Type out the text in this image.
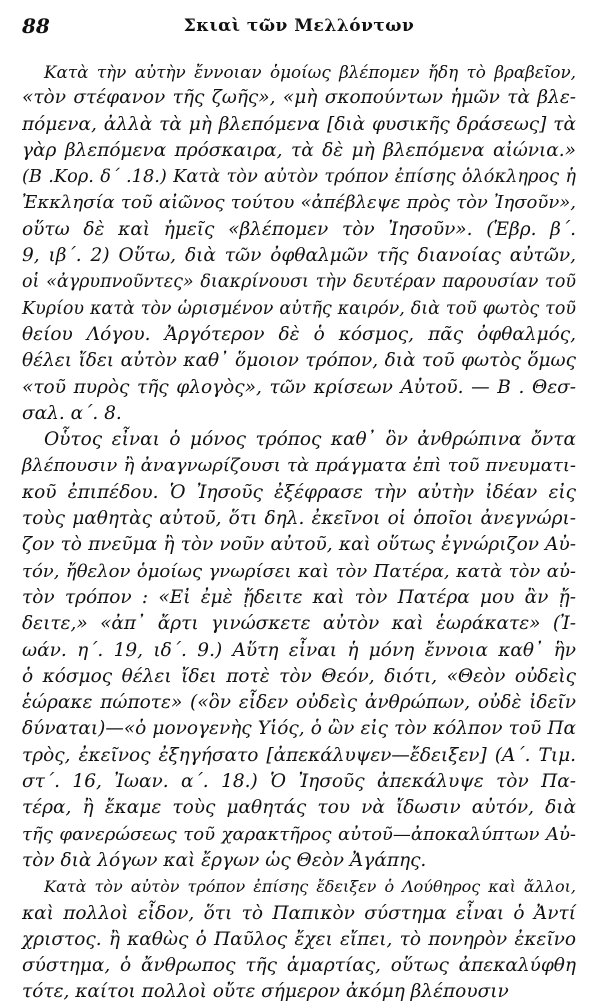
88	Σκιαὶ τῶν Μελλόντων
Κατὰ τὴν αὐτὴν ἔννοιαν ὁμοίως βλέπομεν ἤδη τὸ βραβεῖον,
«τὸν στέφανον τῆς ζωῆς», «μὴ σκοπούντων ἡμῶν τὰ βλε-
πόμενα, ἀλλὰ τὰ μὴ βλεπόμενα [διὰ φυσικῆς δράσεως] τὰ
γὰρ βλεπόμενα πρόσκαιρα, τὰ δὲ μὴ βλεπόμενα αἰώνια.»
(Β .Κορ. δ΄ .18.) Κατὰ τὸν αὐτὸν τρόπον ἐπίσης ὁλόκληρος ἡ
Ἐκκλησία τοῦ αἰῶνος τούτου «ἀπέβλεψε πρὸς τὸν Ἰησοῦν»,
οὕτω δὲ καὶ ἡμεῖς «βλέπομεν τὸν Ἰησοῦν». (Ἑβρ. β΄.
9, ιβ΄. 2) Οὕτω, διὰ τῶν ὀφθαλμῶν τῆς διανοίας αὐτῶν,
οἱ «ἀγρυπνοῦντες» διακρίνουσι τὴν δευτέραν παρουσίαν τοῦ
Κυρίου κατὰ τὸν ὡρισμένον αὐτῆς καιρόν, διὰ τοῦ φωτὸς τοῦ
θείου Λόγου. Ἀργότερον δὲ ὁ κόσμος, πᾶς ὀφθαλμός,
θέλει ἴδει αὐτὸν καθ᾿ ὅμοιον τρόπον, διὰ τοῦ φωτὸς ὅμως
«τοῦ πυρὸς τῆς φλογὸς», τῶν κρίσεων Αὐτοῦ. — Β . Θεσ-
σαλ. α΄. 8.
Οὗτος εἶναι ὁ μόνος τρόπος καθ᾿ ὃν ἀνθρώπινα ὄντα
βλέπουσιν ἢ ἀναγνωρίζουσι τὰ πράγματα ἐπὶ τοῦ πνευματι-
κοῦ ἐπιπέδου. Ὁ Ἰησοῦς ἐξέφρασε τὴν αὐτὴν ἰδέαν εἰς
τοὺς μαθητὰς αὐτοῦ, ὅτι δηλ. ἐκεῖνοι οἱ ὁποῖοι ἀνεγνώρι-
ζον τὸ πνεῦμα ἢ τὸν νοῦν αὐτοῦ, καὶ οὕτως ἐγνώριζον Αὐ-
τόν, ἤθελον ὁμοίως γνωρίσει καὶ τὸν Πατέρα, κατὰ τὸν αὐ-
τὸν τρόπον : «Εἰ ἐμὲ ᾔδειτε καὶ τὸν Πατέρα μου ἂν ᾔ-
δειτε,» «ἀπ᾿ ἄρτι γινώσκετε αὐτὸν καὶ ἑωράκατε» (Ἰ-
ωάν. η΄. 19, ιδ΄. 9.) Αὕτη εἶναι ἡ μόνη ἔννοια καθ᾿ ἣν
ὁ κόσμος θέλει ἴδει ποτὲ τὸν Θεόν, διότι, «Θεὸν οὐδεὶς
ἑώρακε πώποτε» («ὃν εἶδεν οὐδεὶς ἀνθρώπων, οὐδὲ ἰδεῖν
δύναται)—«ὁ μονογενὴς Υἱός, ὁ ὢν εἰς τὸν κόλπον τοῦ Πα
τρὸς, ἐκεῖνος ἐξηγήσατο [ἀπεκάλυψεν—ἔδειξεν] (Α΄. Τιμ.
στ΄. 16, Ἰωαν. α΄. 18.) Ὁ Ἰησοῦς ἀπεκάλυψε τὸν Πα-
τέρα, ἢ ἔκαμε τοὺς μαθητάς του νὰ ἴδωσιν αὐτόν, διὰ
τῆς φανερώσεως τοῦ χαρακτῆρος αὐτοῦ—ἀποκαλύπτων Αὐ-
τὸν διὰ λόγων καὶ ἔργων ὡς Θεὸν Ἀγάπης.
Κατὰ τὸν αὐτὸν τρόπον ἐπίσης ἔδειξεν ὁ Λούθηρος καὶ ἄλλοι,
καὶ πολλοὶ εἶδον, ὅτι τὸ Παπικὸν σύστημα εἶναι ὁ Ἀντί
χριστος. ἢ καθὼς ὁ Παῦλος ἔχει εἴπει, τὸ πονηρὸν ἐκεῖνο
σύστημα, ὁ ἄνθρωπος τῆς ἁμαρτίας, οὕτως ἀπεκαλύφθη
τότε, καίτοι πολλοὶ οὔτε σήμερον ἀκόμη βλέπουσιν
